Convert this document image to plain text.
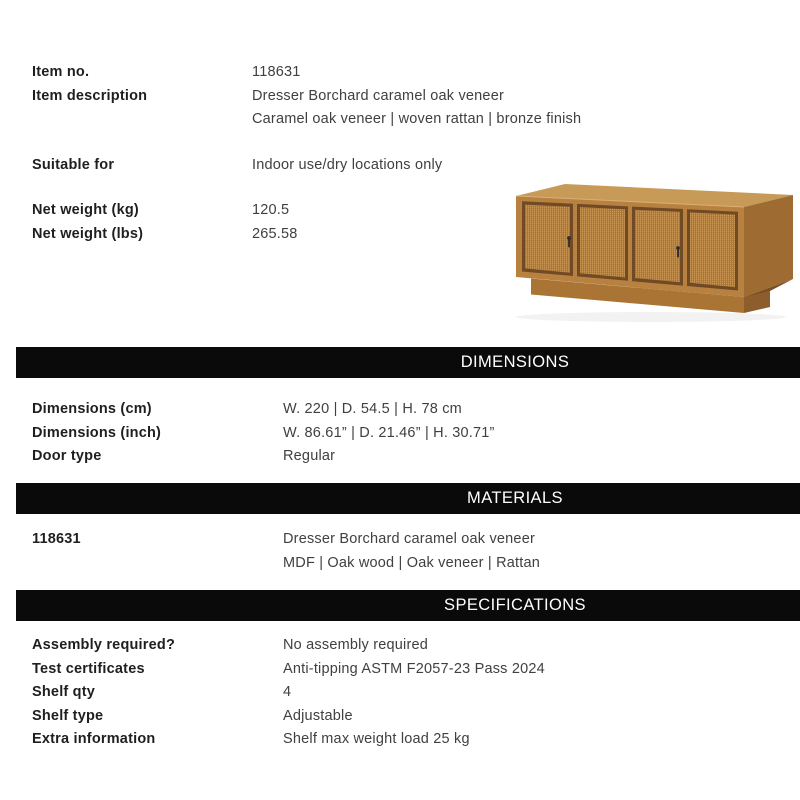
Item no.	118631
Item description	Dresser Borchard caramel oak veneer
Caramel oak veneer | woven rattan | bronze finish
Suitable for	Indoor use/dry locations only
Net weight (kg)	120.5
Net weight (lbs)	265.58
DIMENSIONS
Dimensions (cm)	W. 220 | D. 54.5 | H. 78 cm
Dimensions (inch)	W. 86.61” | D. 21.46” | H. 30.71”
Door type	Regular
MATERIALS
118631	Dresser Borchard caramel oak veneer
MDF | Oak wood | Oak veneer | Rattan
SPECIFICATIONS
Assembly required?	No assembly required
Test certificates	Anti-tipping ASTM F2057-23 Pass 2024
Shelf qty	4
Shelf type	Adjustable
Extra information	Shelf max weight load 25 kg
